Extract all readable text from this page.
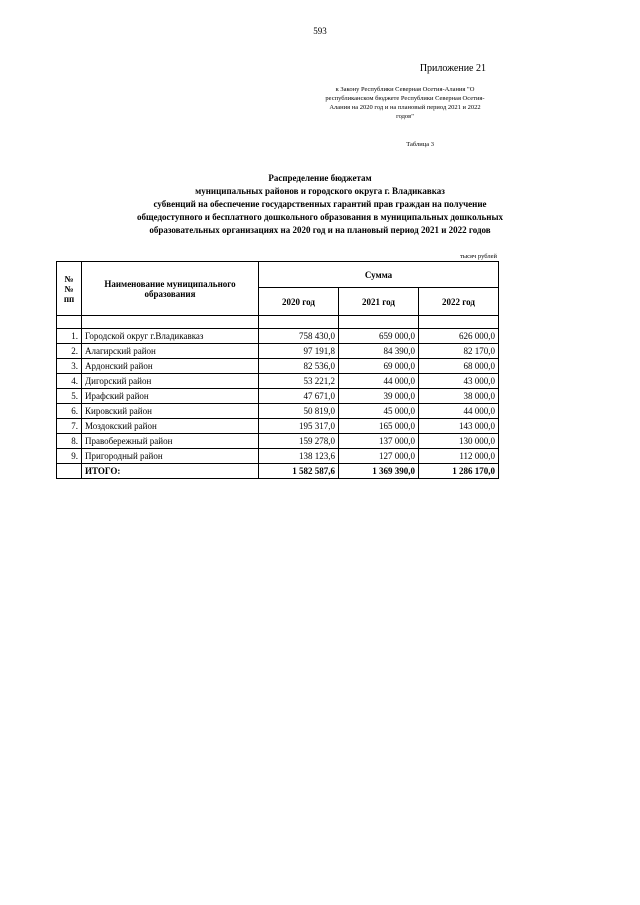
593
Приложение 21
к Закону Республики Северная Осетия-Алания "О республиканском бюджете Республики Северная Осетия-Алания на 2020 год и на плановый период 2021 и 2022 годов"
Таблица 3
Распределение бюджетам
муниципальных районов и городского округа г. Владикавказ
субвенций на обеспечение государственных гарантий прав граждан на получение
общедоступного и бесплатного дошкольного образования в муниципальных дошкольных
образовательных организациях на 2020 год и на плановый период 2021 и 2022 годов
тысяч рублей
№№ пп	Наименование муниципального образования	Сумма		
		2020 год	2021 год	2022 год

1.	Городской округ г.Владикавказ	758 430,0	659 000,0	626 000,0
2.	Алагирский район	97 191,8	84 390,0	82 170,0
3.	Ардонский район	82 536,0	69 000,0	68 000,0
4.	Дигорский район	53 221,2	44 000,0	43 000,0
5.	Ирафский район	47 671,0	39 000,0	38 000,0
6.	Кировский район	50 819,0	45 000,0	44 000,0
7.	Моздокский район	195 317,0	165 000,0	143 000,0
8.	Правобережный район	159 278,0	137 000,0	130 000,0
9.	Пригородный район	138 123,6	127 000,0	112 000,0
	ИТОГО:	1 582 587,6	1 369 390,0	1 286 170,0
